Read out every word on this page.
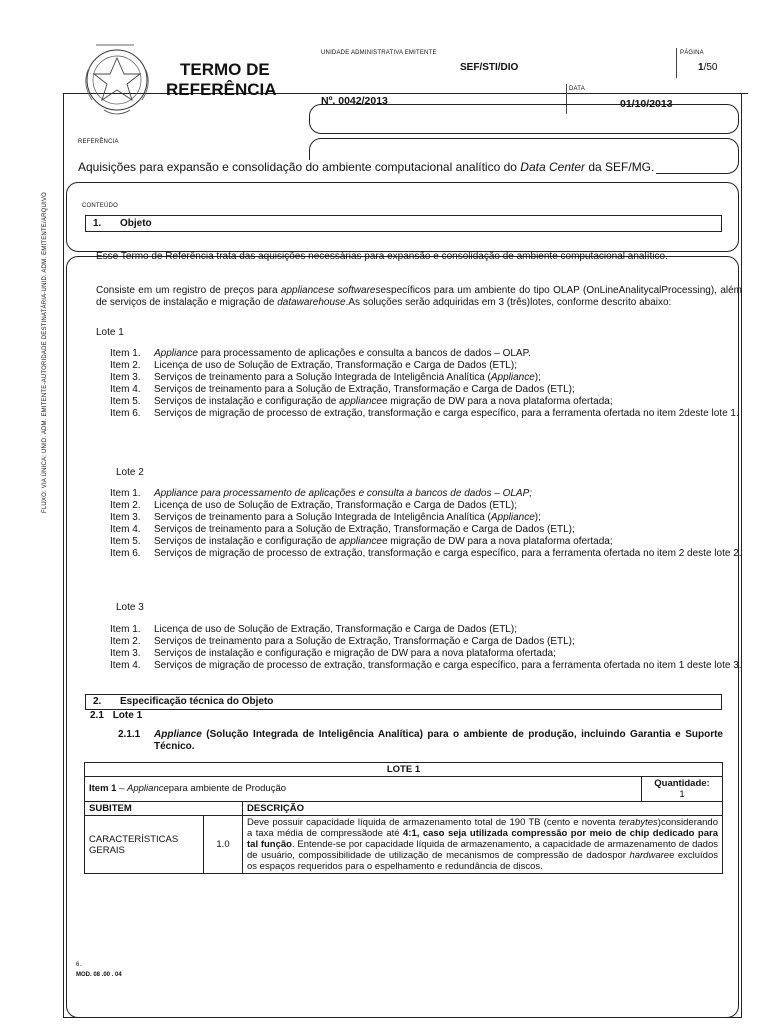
TERMO DE
REFERÊNCIA
UNIDADE ADMINISTRATIVA EMITENTE
SEF/STI/DIO
PÁGINA
1/50
Nº. 0042/2013
DATA
01/10/2013
FLUXO: VIA ÚNICA: UNID. ADM. EMITENTE-AUTORIDADE DESTINATÁRIA-UNID. ADM. EMITENTE/ARQUIVO
REFERÊNCIA
Aquisições para expansão e consolidação do ambiente computacional analítico do Data Center da SEF/MG.
CONTEÚDO
1. Objeto
Esse Termo de Referência trata das aquisições necessárias para expansão e consolidação de ambiente computacional analítico.
Consiste em um registro de preços para appliancese softwaresespecíficos para um ambiente do tipo OLAP (OnLineAnalitycalProcessing), além de serviços de instalação e migração de datawarehouse.As soluções serão adquiridas em 3 (três)lotes, conforme descrito abaixo:
Lote 1
Item 1.	Appliance para processamento de aplicações e consulta a bancos de dados – OLAP.
Item 2.	Licença de uso de Solução de Extração, Transformação e Carga de Dados (ETL);
Item 3.	Serviços de treinamento para a Solução Integrada de Inteligência Analítica (Appliance);
Item 4.	Serviços de treinamento para a Solução de Extração, Transformação e Carga de Dados (ETL);
Item 5.	Serviços de instalação e configuração de appliancee migração de DW para a nova plataforma ofertada;
Item 6.	Serviços de migração de processo de extração, transformação e carga específico, para a ferramenta ofertada no item 2deste lote 1.
Lote 2
Item 1.	Appliance para processamento de aplicações e consulta a bancos de dados – OLAP;
Item 2.	Licença de uso de Solução de Extração, Transformação e Carga de Dados (ETL);
Item 3.	Serviços de treinamento para a Solução Integrada de Inteligência Analítica (Appliance);
Item 4.	Serviços de treinamento para a Solução de Extração, Transformação e Carga de Dados (ETL);
Item 5.	Serviços de instalação e configuração de appliancee migração de DW para a nova plataforma ofertada;
Item 6.	Serviços de migração de processo de extração, transformação e carga específico, para a ferramenta ofertada no item 2 deste lote 2.
Lote 3
Item 1.	Licença de uso de Solução de Extração, Transformação e Carga de Dados (ETL);
Item 2.	Serviços de treinamento para a Solução de Extração, Transformação e Carga de Dados (ETL);
Item 3.	Serviços de instalação e configuração e migração de DW para a nova plataforma ofertada;
Item 4.	Serviços de migração de processo de extração, transformação e carga específico, para a ferramenta ofertada no item 1 deste lote 3.
2. Especificação técnica do Objeto
2.1 Lote 1
2.1.1 Appliance (Solução Integrada de Inteligência Analítica) para o ambiente de produção, incluindo Garantia e Suporte Técnico.
LOTE 1			
Item 1 – Appliancepara ambiente de Produção			Quantidade:
1

SUBITEM		DESCRIÇÃO	
CARACTERÍSTICAS GERAIS	1.0	Deve possuir capacidade líquida de armazenamento total de 190 TB (cento e noventa terabytes)considerando a taxa média de compressãode até 4:1, caso seja utilizada compressão por meio de chip dedicado para tal função. Entende-se por capacidade líquida de armazenamento, a capacidade de armazenamento de dados de usuário, compossibilidade de utilização de mecanismos de compressão de dadospor hardwaree excluídos os espaços requeridos para o espelhamento e redundância de discos.	
6.
MOD. 08 .00 . 04
